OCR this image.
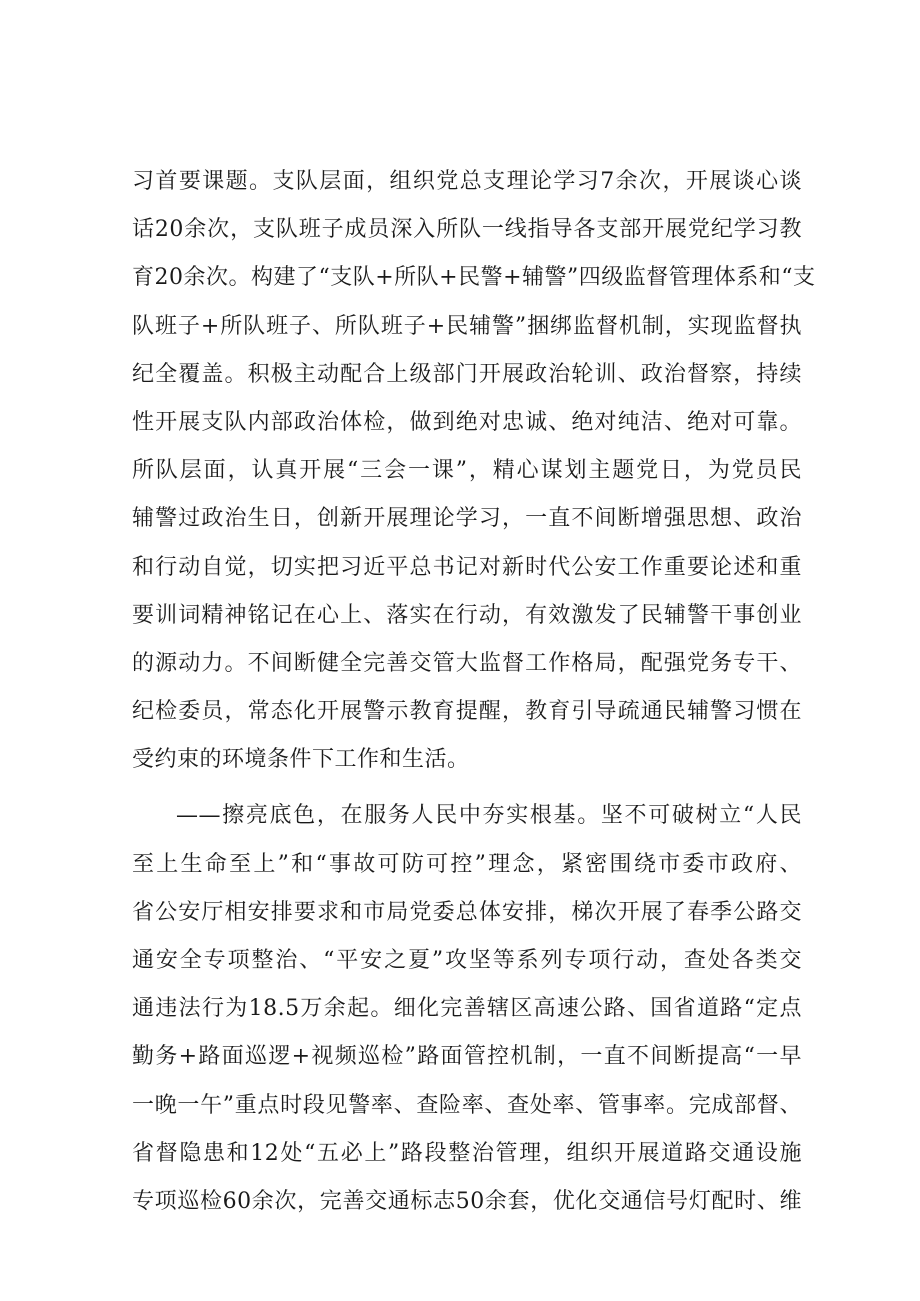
习首要课题。支队层面，组织党总支理论学习7余次，开展谈心谈
话20余次，支队班子成员深入所队一线指导各支部开展党纪学习教
育20余次。构建了“支队+所队+民警+辅警”四级监督管理体系和“支
队班子+所队班子、所队班子+民辅警”捆绑监督机制，实现监督执
纪全覆盖。积极主动配合上级部门开展政治轮训、政治督察，持续
性开展支队内部政治体检，做到绝对忠诚、绝对纯洁、绝对可靠。
所队层面，认真开展“三会一课”，精心谋划主题党日，为党员民
辅警过政治生日，创新开展理论学习，一直不间断增强思想、政治
和行动自觉，切实把习近平总书记对新时代公安工作重要论述和重
要训词精神铭记在心上、落实在行动，有效激发了民辅警干事创业
的源动力。不间断健全完善交管大监督工作格局，配强党务专干、
纪检委员，常态化开展警示教育提醒，教育引导疏通民辅警习惯在
受约束的环境条件下工作和生活。
——擦亮底色，在服务人民中夯实根基。坚不可破树立“人民
至上生命至上”和“事故可防可控”理念，紧密围绕市委市政府、
省公安厅相安排要求和市局党委总体安排，梯次开展了春季公路交
通安全专项整治、“平安之夏”攻坚等系列专项行动，查处各类交
通违法行为18.5万余起。细化完善辖区高速公路、国省道路“定点
勤务+路面巡逻+视频巡检”路面管控机制，一直不间断提高“一早
一晚一午”重点时段见警率、查险率、查处率、管事率。完成部督、
省督隐患和12处“五必上”路段整治管理，组织开展道路交通设施
专项巡检60余次，完善交通标志50余套，优化交通信号灯配时、维
